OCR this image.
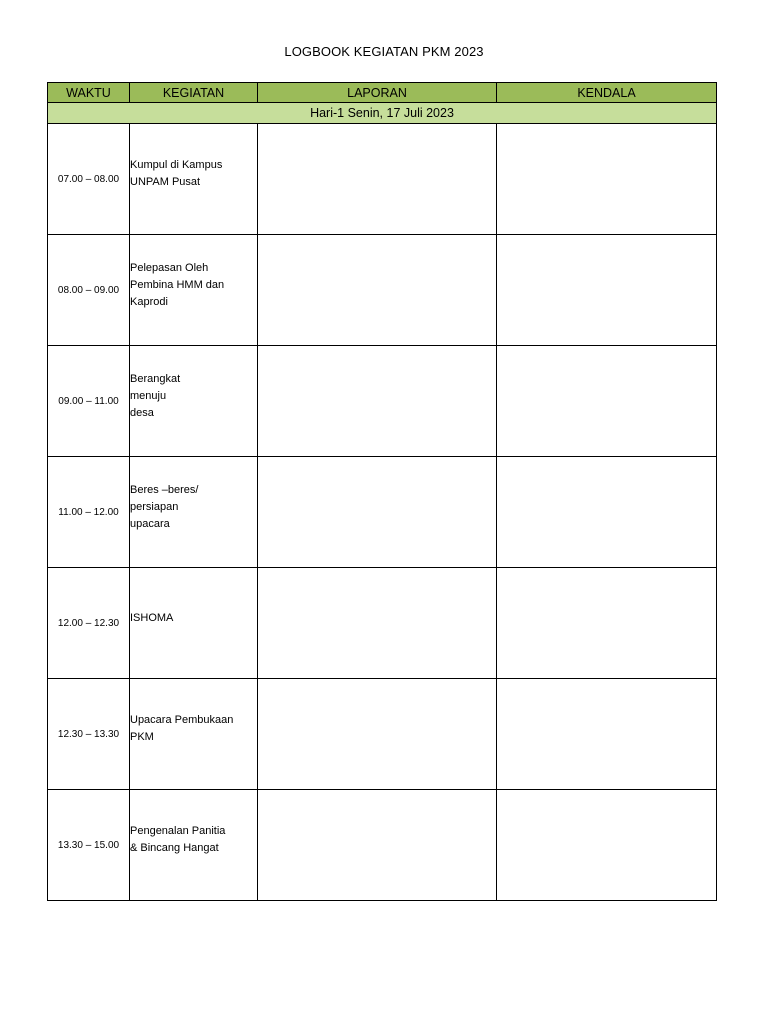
LOGBOOK KEGIATAN PKM 2023
WAKTU	KEGIATAN	LAPORAN	KENDALA
Hari-1 Senin, 17 Juli 2023			
07.00 – 08.00	Kumpul di Kampus
UNPAM Pusat		

08.00 – 09.00	Pelepasan Oleh
Pembina HMM dan
Kaprodi		

09.00 – 11.00	Berangkat
menuju
desa		

11.00 – 12.00	Beres –beres/
persiapan
upacara		

12.00 – 12.30	ISHOMA		

12.30 – 13.30	Upacara Pembukaan
PKM		

13.30 – 15.00	Pengenalan Panitia
& Bincang Hangat		
